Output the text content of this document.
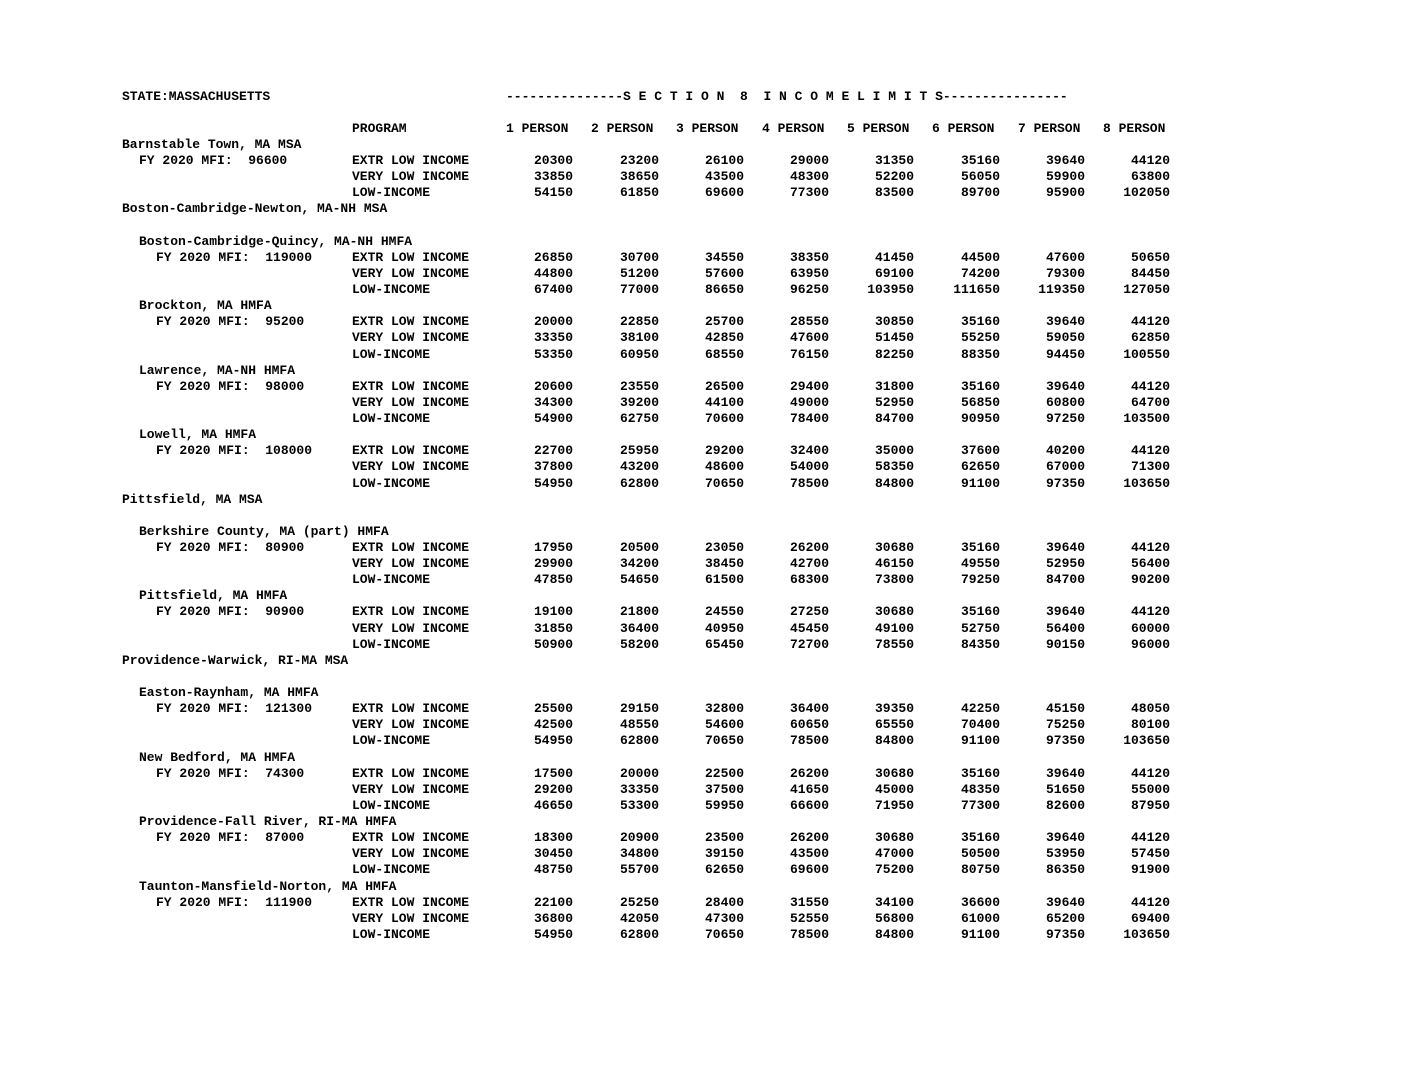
STATE:MASSACHUSETTS	---------------S E C T I O N  8  I N C O M E L I M I T S----------------
PROGRAM	1 PERSON 2 PERSON 3 PERSON 4 PERSON 5 PERSON 6 PERSON 7 PERSON 8 PERSON
Barnstable Town, MA MSA
FY 2020 MFI:  96600	EXTR LOW INCOME	20300	23200	26100	29000	31350	35160	39640	44120
VERY LOW INCOME	33850	38650	43500	48300	52200	56050	59900	63800
LOW-INCOME	54150	61850	69600	77300	83500	89700	95900	102050
Boston-Cambridge-Newton, MA-NH MSA
Boston-Cambridge-Quincy, MA-NH HMFA
FY 2020 MFI:  119000	EXTR LOW INCOME	26850	30700	34550	38350	41450	44500	47600	50650
VERY LOW INCOME	44800	51200	57600	63950	69100	74200	79300	84450
LOW-INCOME	67400	77000	86650	96250	103950	111650	119350	127050
Brockton, MA HMFA
FY 2020 MFI:  95200	EXTR LOW INCOME	20000	22850	25700	28550	30850	35160	39640	44120
VERY LOW INCOME	33350	38100	42850	47600	51450	55250	59050	62850
LOW-INCOME	53350	60950	68550	76150	82250	88350	94450	100550
Lawrence, MA-NH HMFA
FY 2020 MFI:  98000	EXTR LOW INCOME	20600	23550	26500	29400	31800	35160	39640	44120
VERY LOW INCOME	34300	39200	44100	49000	52950	56850	60800	64700
LOW-INCOME	54900	62750	70600	78400	84700	90950	97250	103500
Lowell, MA HMFA
FY 2020 MFI:  108000	EXTR LOW INCOME	22700	25950	29200	32400	35000	37600	40200	44120
VERY LOW INCOME	37800	43200	48600	54000	58350	62650	67000	71300
LOW-INCOME	54950	62800	70650	78500	84800	91100	97350	103650
Pittsfield, MA MSA
Berkshire County, MA (part) HMFA
FY 2020 MFI:  80900	EXTR LOW INCOME	17950	20500	23050	26200	30680	35160	39640	44120
VERY LOW INCOME	29900	34200	38450	42700	46150	49550	52950	56400
LOW-INCOME	47850	54650	61500	68300	73800	79250	84700	90200
Pittsfield, MA HMFA
FY 2020 MFI:  90900	EXTR LOW INCOME	19100	21800	24550	27250	30680	35160	39640	44120
VERY LOW INCOME	31850	36400	40950	45450	49100	52750	56400	60000
LOW-INCOME	50900	58200	65450	72700	78550	84350	90150	96000
Providence-Warwick, RI-MA MSA
Easton-Raynham, MA HMFA
FY 2020 MFI:  121300	EXTR LOW INCOME	25500	29150	32800	36400	39350	42250	45150	48050
VERY LOW INCOME	42500	48550	54600	60650	65550	70400	75250	80100
LOW-INCOME	54950	62800	70650	78500	84800	91100	97350	103650
New Bedford, MA HMFA
FY 2020 MFI:  74300	EXTR LOW INCOME	17500	20000	22500	26200	30680	35160	39640	44120
VERY LOW INCOME	29200	33350	37500	41650	45000	48350	51650	55000
LOW-INCOME	46650	53300	59950	66600	71950	77300	82600	87950
Providence-Fall River, RI-MA HMFA
FY 2020 MFI:  87000	EXTR LOW INCOME	18300	20900	23500	26200	30680	35160	39640	44120
VERY LOW INCOME	30450	34800	39150	43500	47000	50500	53950	57450
LOW-INCOME	48750	55700	62650	69600	75200	80750	86350	91900
Taunton-Mansfield-Norton, MA HMFA
FY 2020 MFI:  111900	EXTR LOW INCOME	22100	25250	28400	31550	34100	36600	39640	44120
VERY LOW INCOME	36800	42050	47300	52550	56800	61000	65200	69400
LOW-INCOME	54950	62800	70650	78500	84800	91100	97350	103650
